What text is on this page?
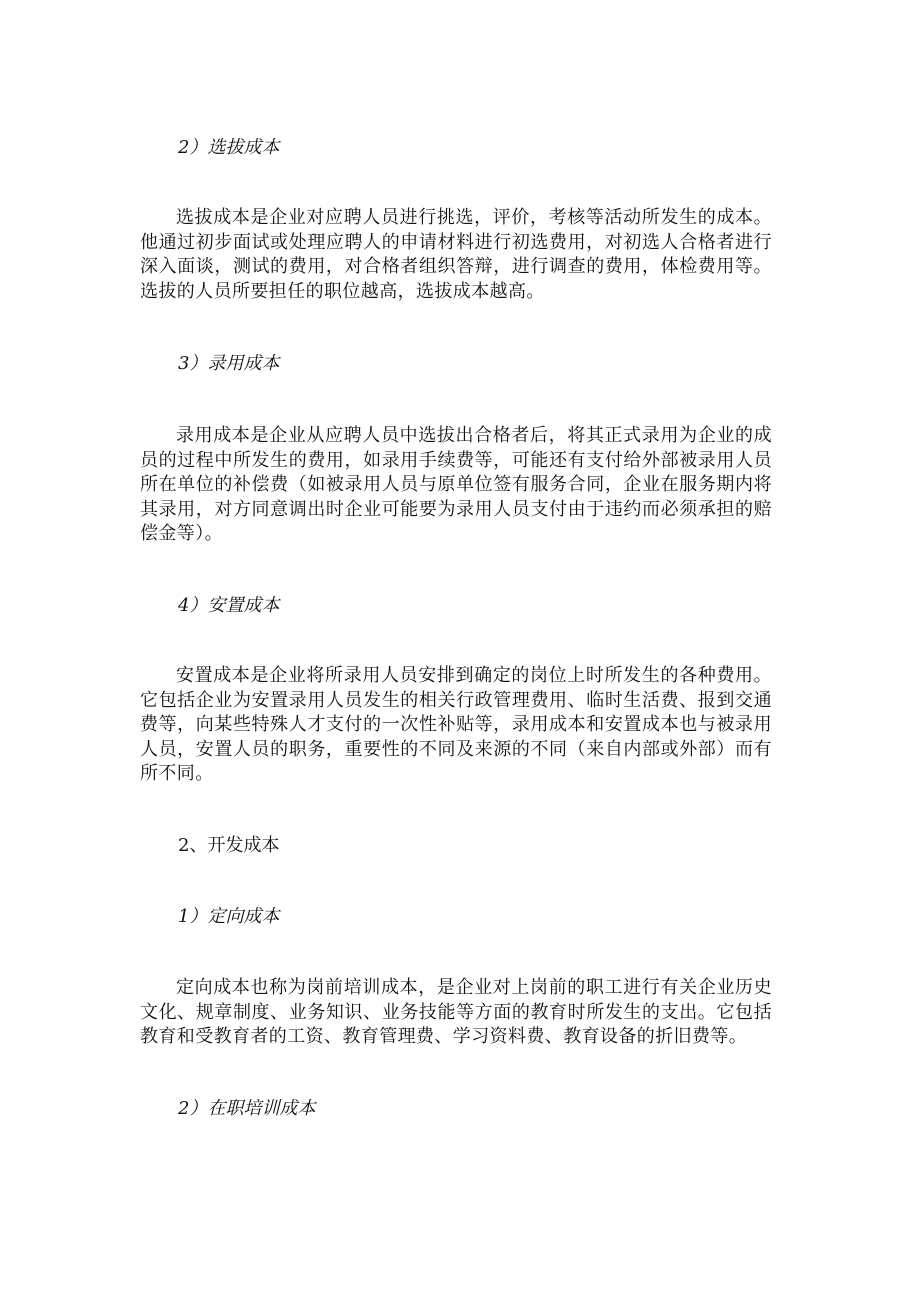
2）选拔成本

选拔成本是企业对应聘人员进行挑选，评价，考核等活动所发生的成本。他通过初步面试或处理应聘人的申请材料进行初选费用，对初选人合格者进行深入面谈，测试的费用，对合格者组织答辩，进行调查的费用，体检费用等。选拔的人员所要担任的职位越高，选拔成本越高。

3）录用成本

录用成本是企业从应聘人员中选拔出合格者后，将其正式录用为企业的成员的过程中所发生的费用，如录用手续费等，可能还有支付给外部被录用人员所在单位的补偿费（如被录用人员与原单位签有服务合同，企业在服务期内将其录用，对方同意调出时企业可能要为录用人员支付由于违约而必须承担的赔偿金等）。

4）安置成本

安置成本是企业将所录用人员安排到确定的岗位上时所发生的各种费用。它包括企业为安置录用人员发生的相关行政管理费用、临时生活费、报到交通费等，向某些特殊人才支付的一次性补贴等，录用成本和安置成本也与被录用人员，安置人员的职务，重要性的不同及来源的不同（来自内部或外部）而有所不同。

2、开发成本
1）定向成本

定向成本也称为岗前培训成本，是企业对上岗前的职工进行有关企业历史文化、规章制度、业务知识、业务技能等方面的教育时所发生的支出。它包括教育和受教育者的工资、教育管理费、学习资料费、教育设备的折旧费等。

2）在职培训成本
